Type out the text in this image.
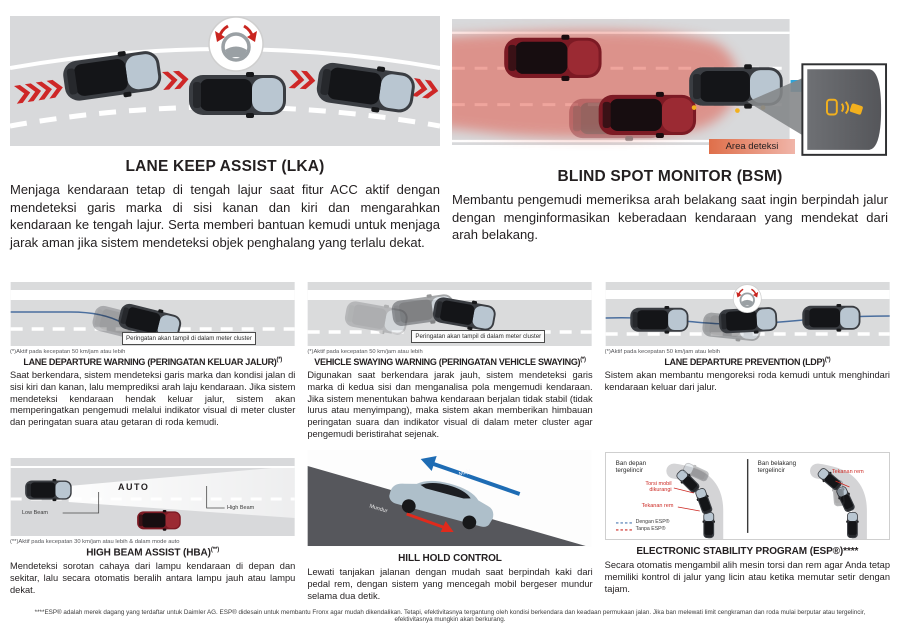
LANE KEEP ASSIST (LKA)
Menjaga kendaraan tetap di tengah lajur saat fitur ACC aktif dengan mendeteksi garis marka di sisi kanan dan kiri dan mengarahkan kendaraan ke tengah lajur. Serta memberi bantuan kemudi untuk menjaga jarak aman jika sistem mendeteksi objek penghalang yang terlalu dekat.
Area deteksi
BLIND SPOT MONITOR (BSM)
Membantu pengemudi memeriksa arah belakang saat ingin berpindah jalur dengan menginformasikan keberadaan kendaraan yang mendekat dari arah belakang.
Peringatan akan tampil di dalam meter cluster
(*)Aktif pada kecepatan 50 km/jam atau lebih
LANE DEPARTURE WARNING (PERINGATAN KELUAR JALUR)(*)
Saat berkendara, sistem mendeteksi garis marka dan kondisi jalan di sisi kiri dan kanan, lalu memprediksi arah laju kendaraan. Jika sistem mendeteksi kendaraan hendak keluar jalur, sistem akan memperingatkan pengemudi melalui indikator visual di meter cluster dan peringatan suara atau getaran di roda kemudi.
Peringatan akan tampil di dalam meter cluster
(*)Aktif pada kecepatan 50 km/jam atau lebih
VEHICLE SWAYING WARNING (PERINGATAN VEHICLE SWAYING)(*)
Digunakan saat berkendara jarak jauh, sistem mendeteksi garis marka di kedua sisi dan menganalisa pola mengemudi kendaraan. Jika sistem menentukan bahwa kendaraan berjalan tidak stabil (tidak lurus atau menyimpang), maka sistem akan memberikan himbauan peringatan suara dan indikator visual di dalam meter cluster agar pengemudi beristirahat sejenak.
(*)Aktif pada kecepatan 50 km/jam atau lebih
LANE DEPARTURE PREVENTION (LDP)(*)
Sistem akan membantu mengoreksi roda kemudi untuk menghindari kendaraan keluar dari jalur.
AUTO
Low Beam
High Beam
(**)Aktif pada kecepatan 30 km/jam atau lebih & dalam mode auto
HIGH BEAM ASSIST (HBA)(**)
Mendeteksi sorotan cahaya dari lampu kendaraan di depan dan sekitar, lalu secara otomatis beralih antara lampu jauh atau lampu dekat.
Maju
Mundur
HILL HOLD CONTROL
Lewati tanjakan jalanan dengan mudah saat berpindah kaki dari pedal rem, dengan sistem yang mencegah mobil bergeser mundur selama dua detik.
Ban depan tergelincir
Torsi mobil dikurangi
Tekanan rem
Ban belakang tergelincir	Tekanan rem
Dengan ESP®
Tanpa ESP®
ELECTRONIC STABILITY PROGRAM (ESP®)****
Secara otomatis mengambil alih mesin torsi dan rem agar Anda tetap memiliki kontrol di jalur yang licin atau ketika memutar setir dengan tajam.
****ESP® adalah merek dagang yang terdaftar untuk Daimler AG. ESP® didesain untuk membantu Fronx agar mudah dikendalikan. Tetapi, efektivitasnya tergantung oleh kondisi berkendara dan keadaan permukaan jalan. Jika ban melewati limit cengkraman dan roda mulai berputar atau tergelincir, efektivitasnya mungkin akan berkurang.
